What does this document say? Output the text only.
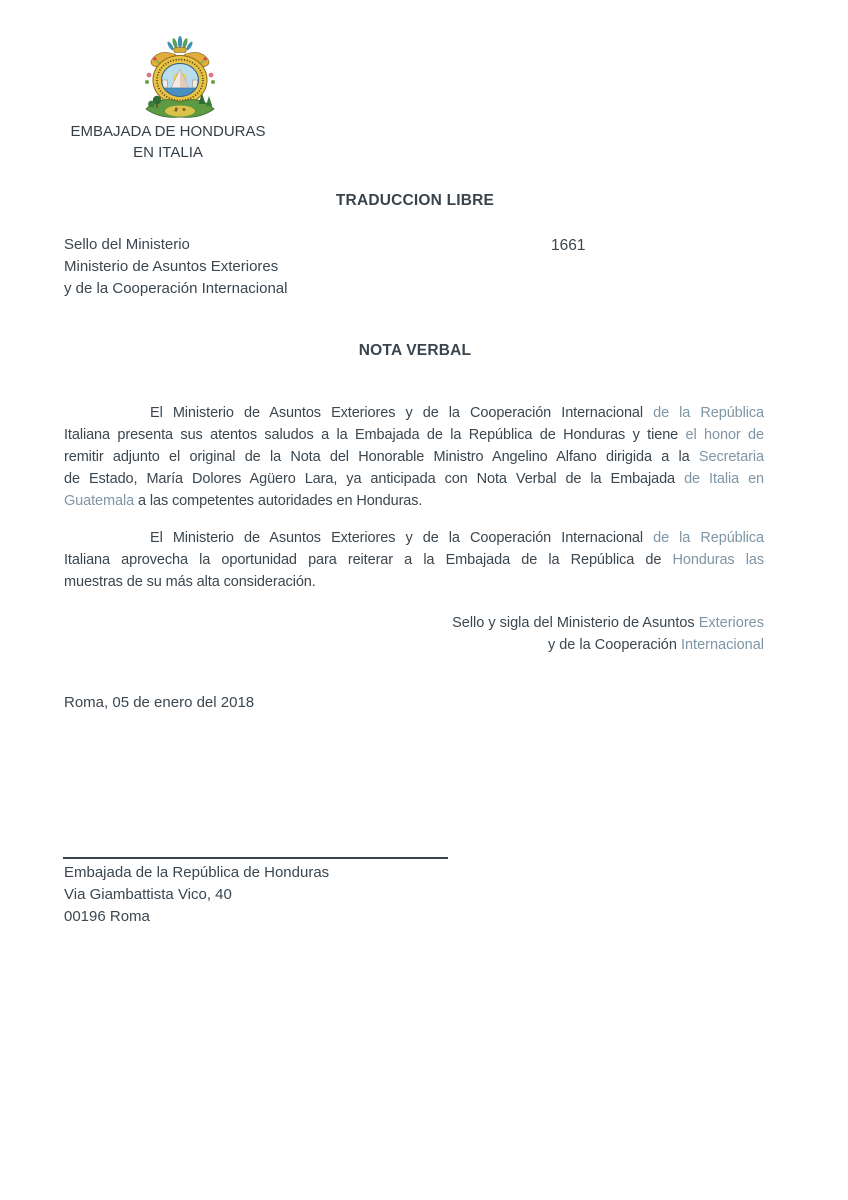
EMBAJADA DE HONDURAS
EN ITALIA
TRADUCCION LIBRE
Sello del Ministerio
Ministerio de Asuntos Exteriores
y de la Cooperación Internacional
1661
NOTA VERBAL
El Ministerio de Asuntos Exteriores y de la Cooperación Internacional de la República
Italiana presenta sus atentos saludos a la Embajada de la República de Honduras y tiene el honor de
remitir adjunto el original de la Nota del Honorable Ministro Angelino Alfano dirigida a la Secretaria
de Estado, María Dolores Agüero Lara, ya anticipada con Nota Verbal de la Embajada de Italia en
Guatemala a las competentes autoridades en Honduras.
El Ministerio de Asuntos Exteriores y de la Cooperación Internacional de la República
Italiana aprovecha la oportunidad para reiterar a la Embajada de la República de Honduras las
muestras de su más alta consideración.
Sello y sigla del Ministerio de Asuntos Exteriores
y de la Cooperación Internacional
Roma, 05 de enero del 2018
Embajada de la República de Honduras
Via Giambattista Vico, 40
00196 Roma
